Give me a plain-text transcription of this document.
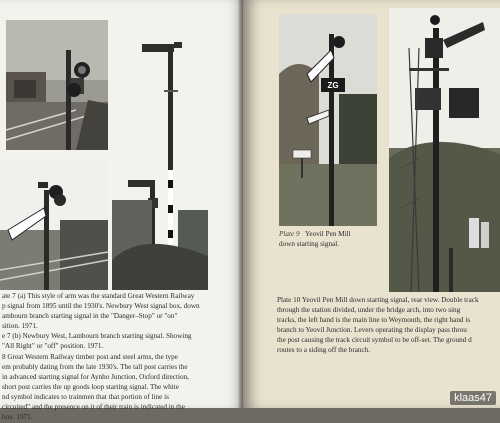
ate 7 (a) This style of arm was the standard Great Western Railway

p signal from 1895 until the 1930's. Newbury West signal box, down

ambourn branch starting signal in the "Danger–Stop" or "on"

sition. 1971.

e 7 (b) Newbury West, Lambourn branch starting signal. Showing

"All Right" or "off" position. 1971.

8 Great Western Railway timber post and steel arms, the type

em probably dating from the late 1930's. The tall post carries the

in advanced starting signal for Aynho Junction, Oxford direction,

short post carries the up goods loop starting signal. The white

nd symbol indicates to trainmen that that portion of line is

circuited" and the presence on it of their train is indicated in the

box. 1971.

ZG

Plate 9 Yeovil Pen Mill

down starting signal.

Plate 10 Yeovil Pen Mill down starting signal, rear view. Double track

through the station divided, under the bridge arch, into two sing

tracks, the left hand is the main line to Weymouth, the right hand is

branch to Yeovil Junction. Levers operating the display pass throu

the post causing the track circuit symbol to be off-set. The ground d

routes to a siding off the branch.

klaas47
